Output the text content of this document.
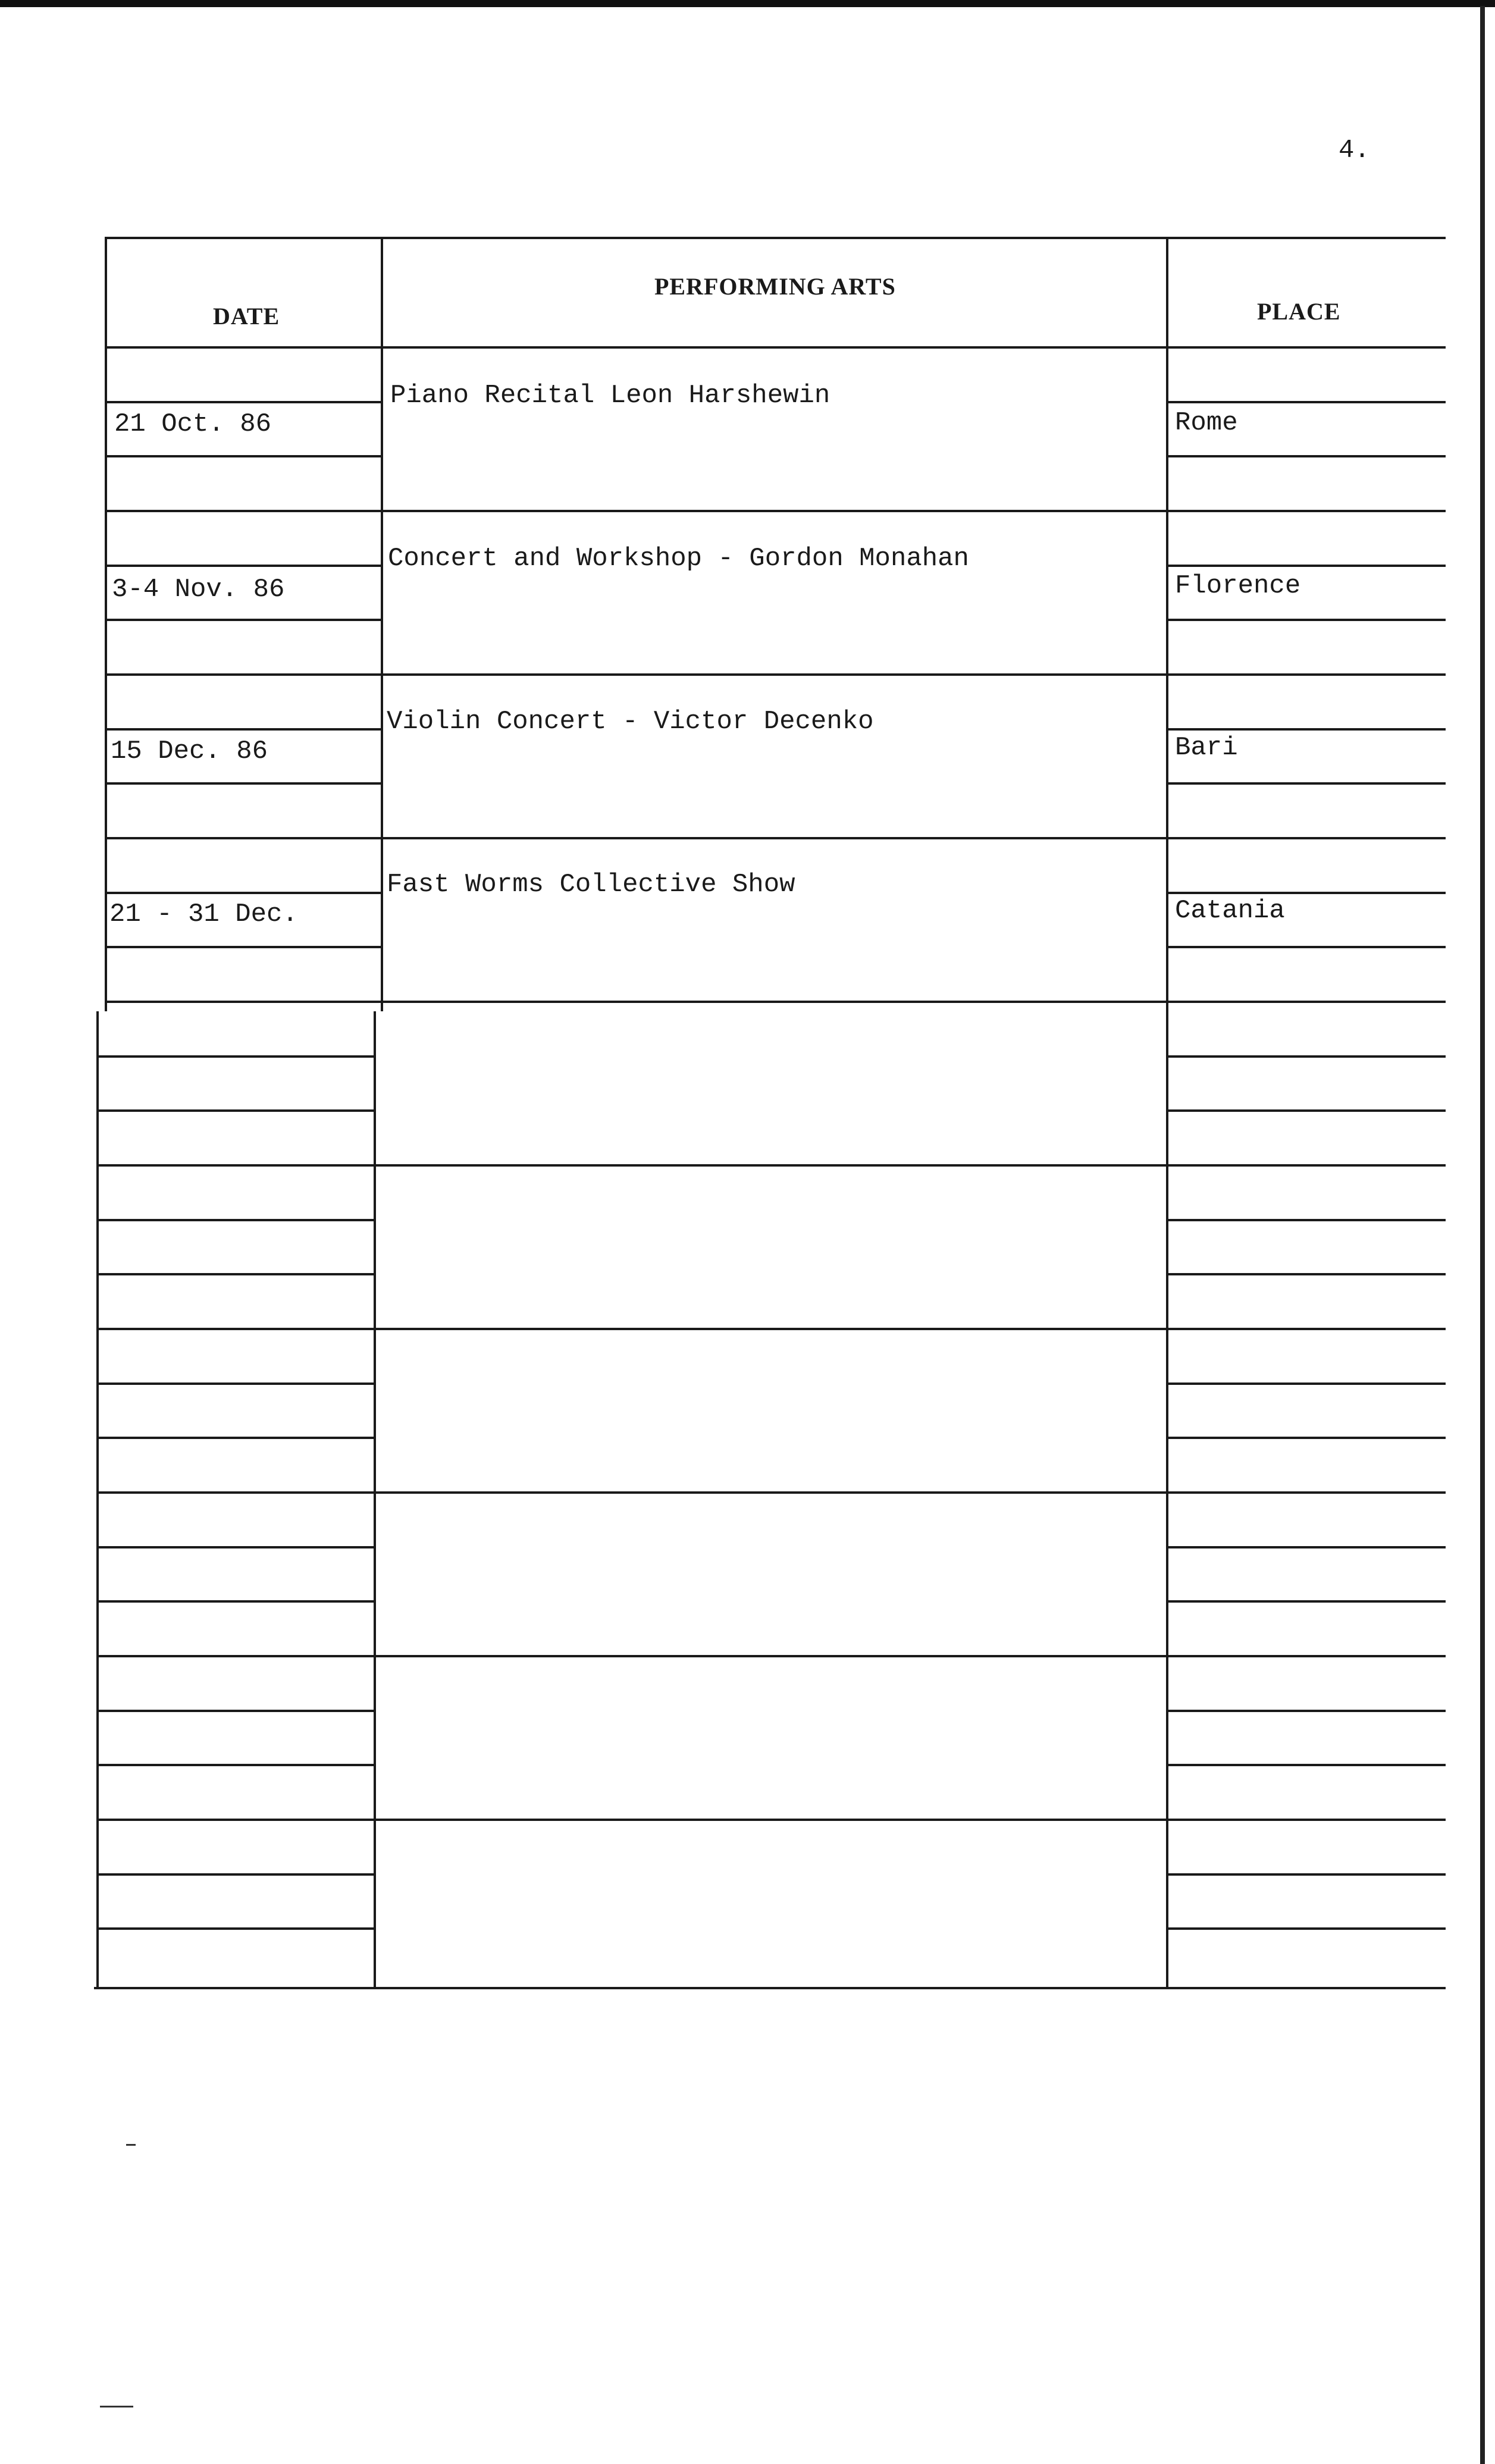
4.
DATE
PERFORMING ARTS
PLACE
21 Oct. 86
Piano Recital Leon Harshewin
Rome
3-4 Nov. 86
Concert and Workshop - Gordon Monahan
Florence
15 Dec. 86
Violin Concert - Victor Decenko
Bari
21 - 31 Dec.
Fast Worms Collective Show
Catania
